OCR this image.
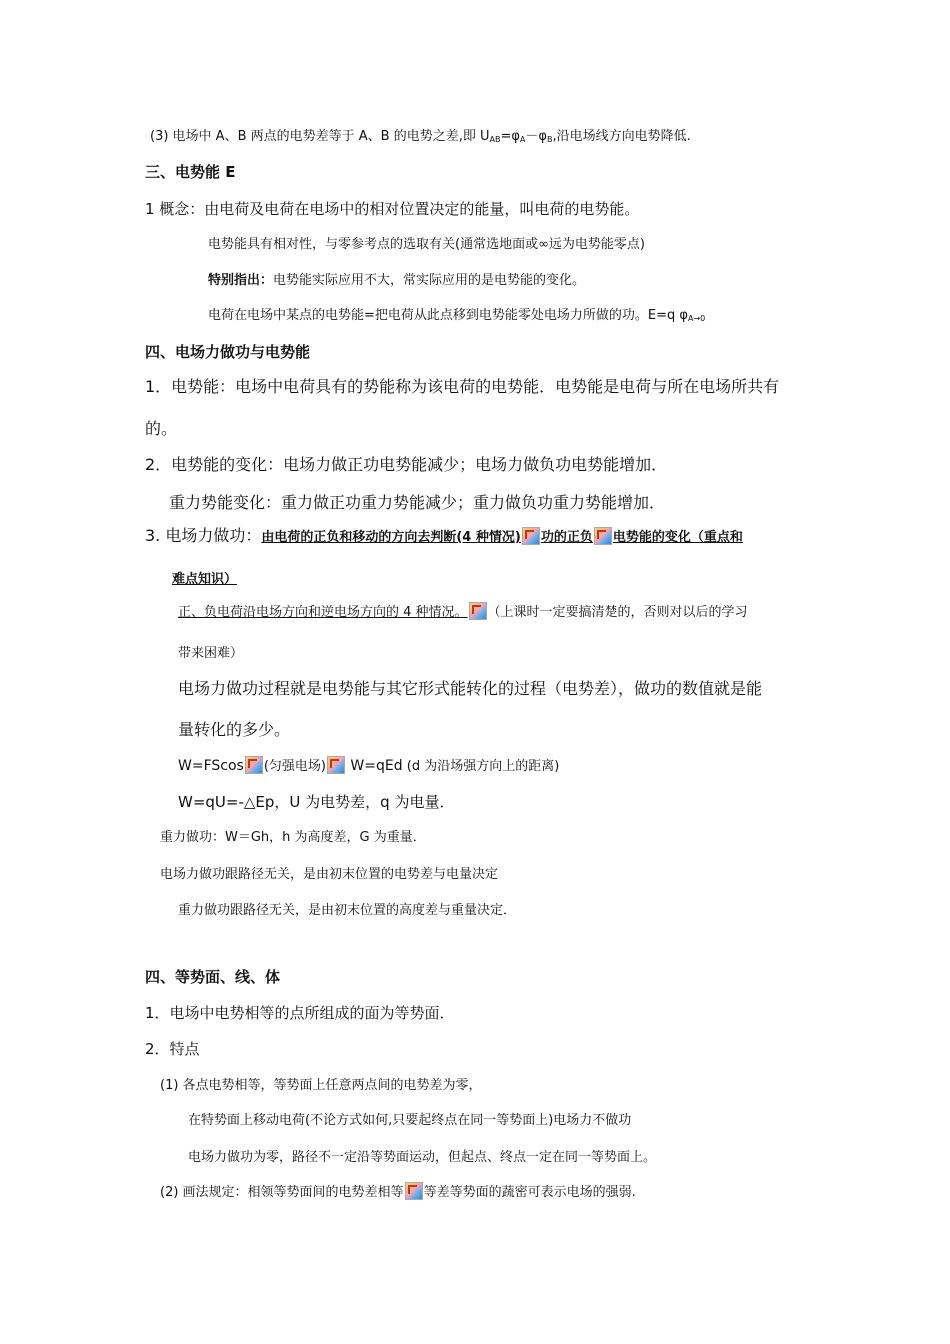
(3) 电场中 A、B 两点的电势差等于 A、B 的电势之差,即 $U_{AB}=\varphi_A-\varphi_B$,沿电场线方向电势降低.
三、电势能 E
1 概念：由电荷及电荷在电场中的相对位置决定的能量，叫电荷的电势能。
电势能具有相对性，与零参考点的选取有关(通常选地面或∞远为电势能零点)
特别指出：电势能实际应用不大，常实际应用的是电势能的变化。
电荷在电场中某点的电势能=把电荷从此点移到电势能零处电场力所做的功。E=q $\varphi_{A\to 0}$
四、电场力做功与电势能
1．电势能：电场中电荷具有的势能称为该电荷的电势能．电势能是电荷与所在电场所共有
的。
2．电势能的变化：电场力做正功电势能减少；电场力做负功电势能增加．
重力势能变化：重力做正功重力势能减少；重力做负功重力势能增加．
3. 电场力做功：由电荷的正负和移动的方向去判断(4 种情况) 功的正负 电势能的变化（重点和
难点知识）
正、负电荷沿电场方向和逆电场方向的 4 种情况。 （上课时一定要搞清楚的，否则对以后的学习
带来困难）
电场力做功过程就是电势能与其它形式能转化的过程（电势差），做功的数值就是能
量转化的多少。
W=FScos (匀强电场) W=qEd (d 为沿场强方向上的距离)
W=qU=-△Ep，U 为电势差，q 为电量．
重力做功：W＝Gh，h 为高度差，G 为重量．
电场力做功跟路径无关，是由初末位置的电势差与电量决定
重力做功跟路径无关，是由初末位置的高度差与重量决定．
四、等势面、线、体
1．电场中电势相等的点所组成的面为等势面．
2．特点
(1) 各点电势相等，等势面上任意两点间的电势差为零，
在特势面上移动电荷(不论方式如何,只要起终点在同一等势面上)电场力不做功
电场力做功为零，路径不一定沿等势面运动，但起点、终点一定在同一等势面上。
(2) 画法规定：相领等势面间的电势差相等 等差等势面的蔬密可表示电场的强弱.
